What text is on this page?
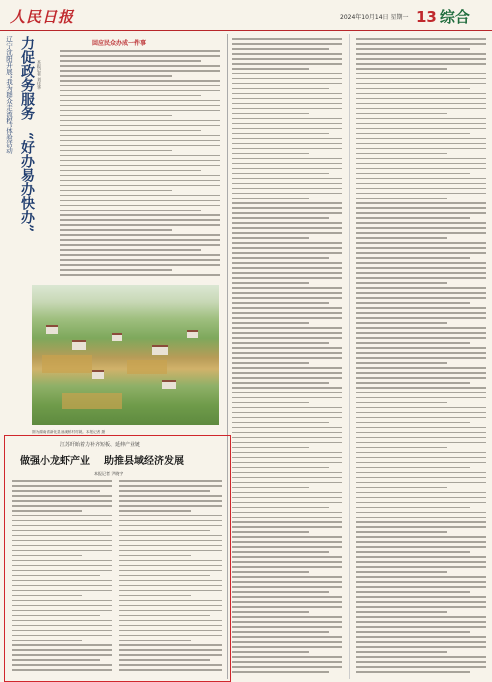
人民日报	2024年10月14日 星期一 13 综合
辽宁沈阳开展“我为群众走流程”体验活动 力促政务服务
“好办易办快办”
本报记者 刘佳华
回应民众办成一件事
图为湖南省新化县油溪桥村村貌。本报记者 摄
江苏旰眙着力补齐短板、延伸产业链
做强小龙虾产业 助推县域经济发展
本报记者 尹晓宇
